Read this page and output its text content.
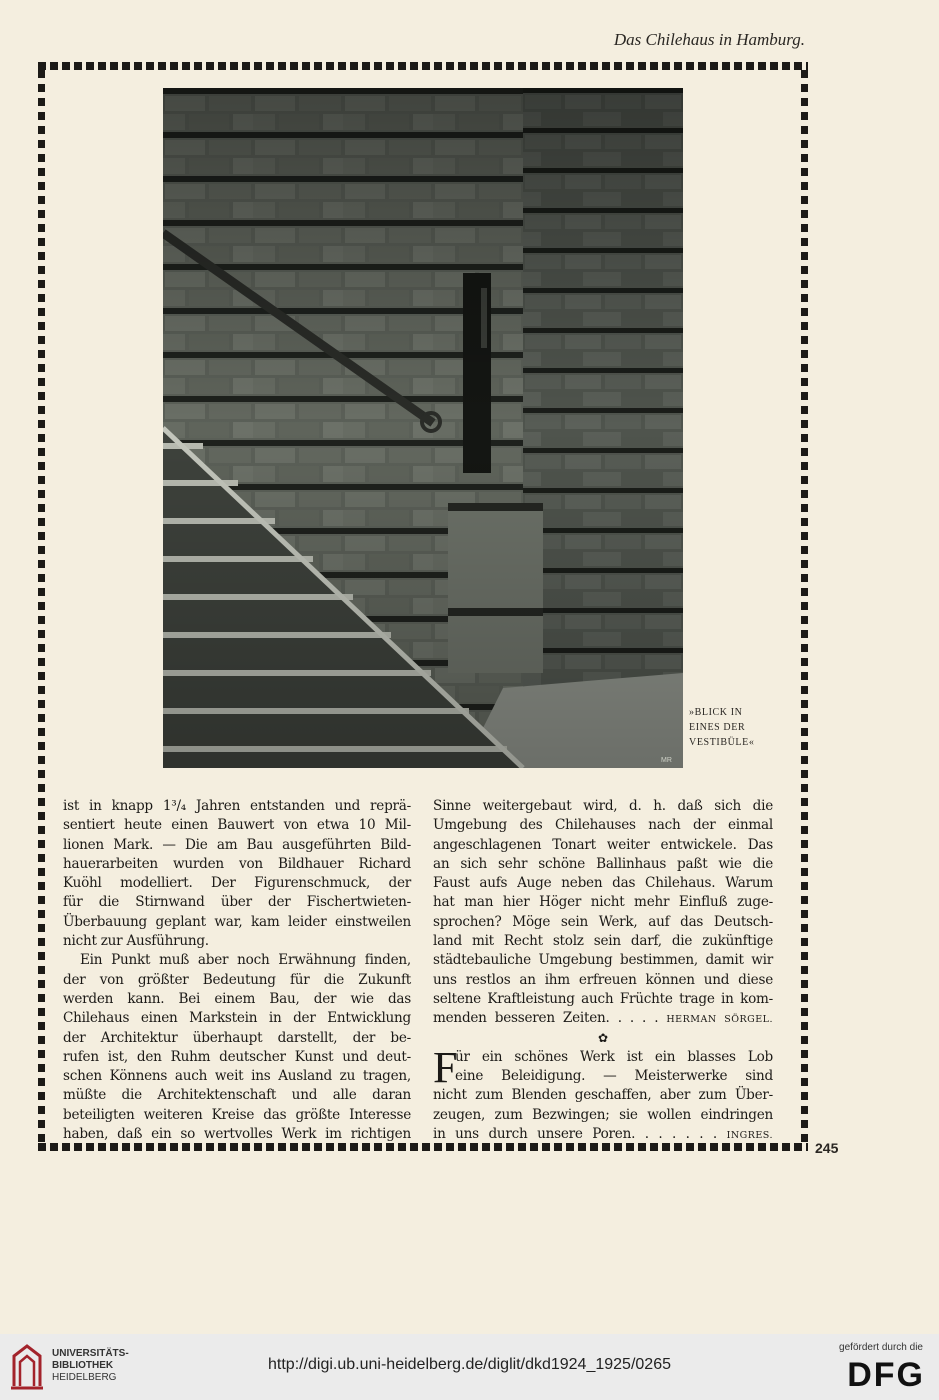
Das Chilehaus in Hamburg.
MR
»BLICK IN
EINES DER
VESTIBÜLE«
ist in knapp 1³/₄ Jahren entstanden und reprä-
sentiert heute einen Bauwert von etwa 10 Mil-
lionen Mark. — Die am Bau ausgeführten Bild-
hauerarbeiten wurden von Bildhauer Richard
Kuöhl modelliert. Der Figurenschmuck, der
für die Stirnwand über der Fischertwieten-
Überbauung geplant war, kam leider einstweilen
nicht zur Ausführung.
Ein Punkt muß aber noch Erwähnung finden,
der von größter Bedeutung für die Zukunft
werden kann. Bei einem Bau, der wie das
Chilehaus einen Markstein in der Entwicklung
der Architektur überhaupt darstellt, der be-
rufen ist, den Ruhm deutscher Kunst und deut-
schen Könnens auch weit ins Ausland zu tragen,
müßte die Architektenschaft und alle daran
beteiligten weiteren Kreise das größte Interesse
haben, daß ein so wertvolles Werk im richtigen
Sinne weitergebaut wird, d. h. daß sich die
Umgebung des Chilehauses nach der einmal
angeschlagenen Tonart weiter entwickele. Das
an sich sehr schöne Ballinhaus paßt wie die
Faust aufs Auge neben das Chilehaus. Warum
hat man hier Höger nicht mehr Einfluß zuge-
sprochen? Möge sein Werk, auf das Deutsch-
land mit Recht stolz sein darf, die zukünftige
städtebauliche Umgebung bestimmen, damit wir
uns restlos an ihm erfreuen können und diese
seltene Kraftleistung auch Früchte trage in kom-
menden besseren Zeiten. . . . . HERMAN SÖRGEL.
✿
F
ür ein schönes Werk ist ein blasses Lob
eine Beleidigung. — Meisterwerke sind
nicht zum Blenden geschaffen, aber zum Über-
zeugen, zum Bezwingen; sie wollen eindringen
in uns durch unsere Poren. . . . . . . INGRES.
245
UNIVERSITÄTS-
BIBLIOTHEK
HEIDELBERG
http://digi.ub.uni-heidelberg.de/diglit/dkd1924_1925/0265
gefördert durch die
DFG
